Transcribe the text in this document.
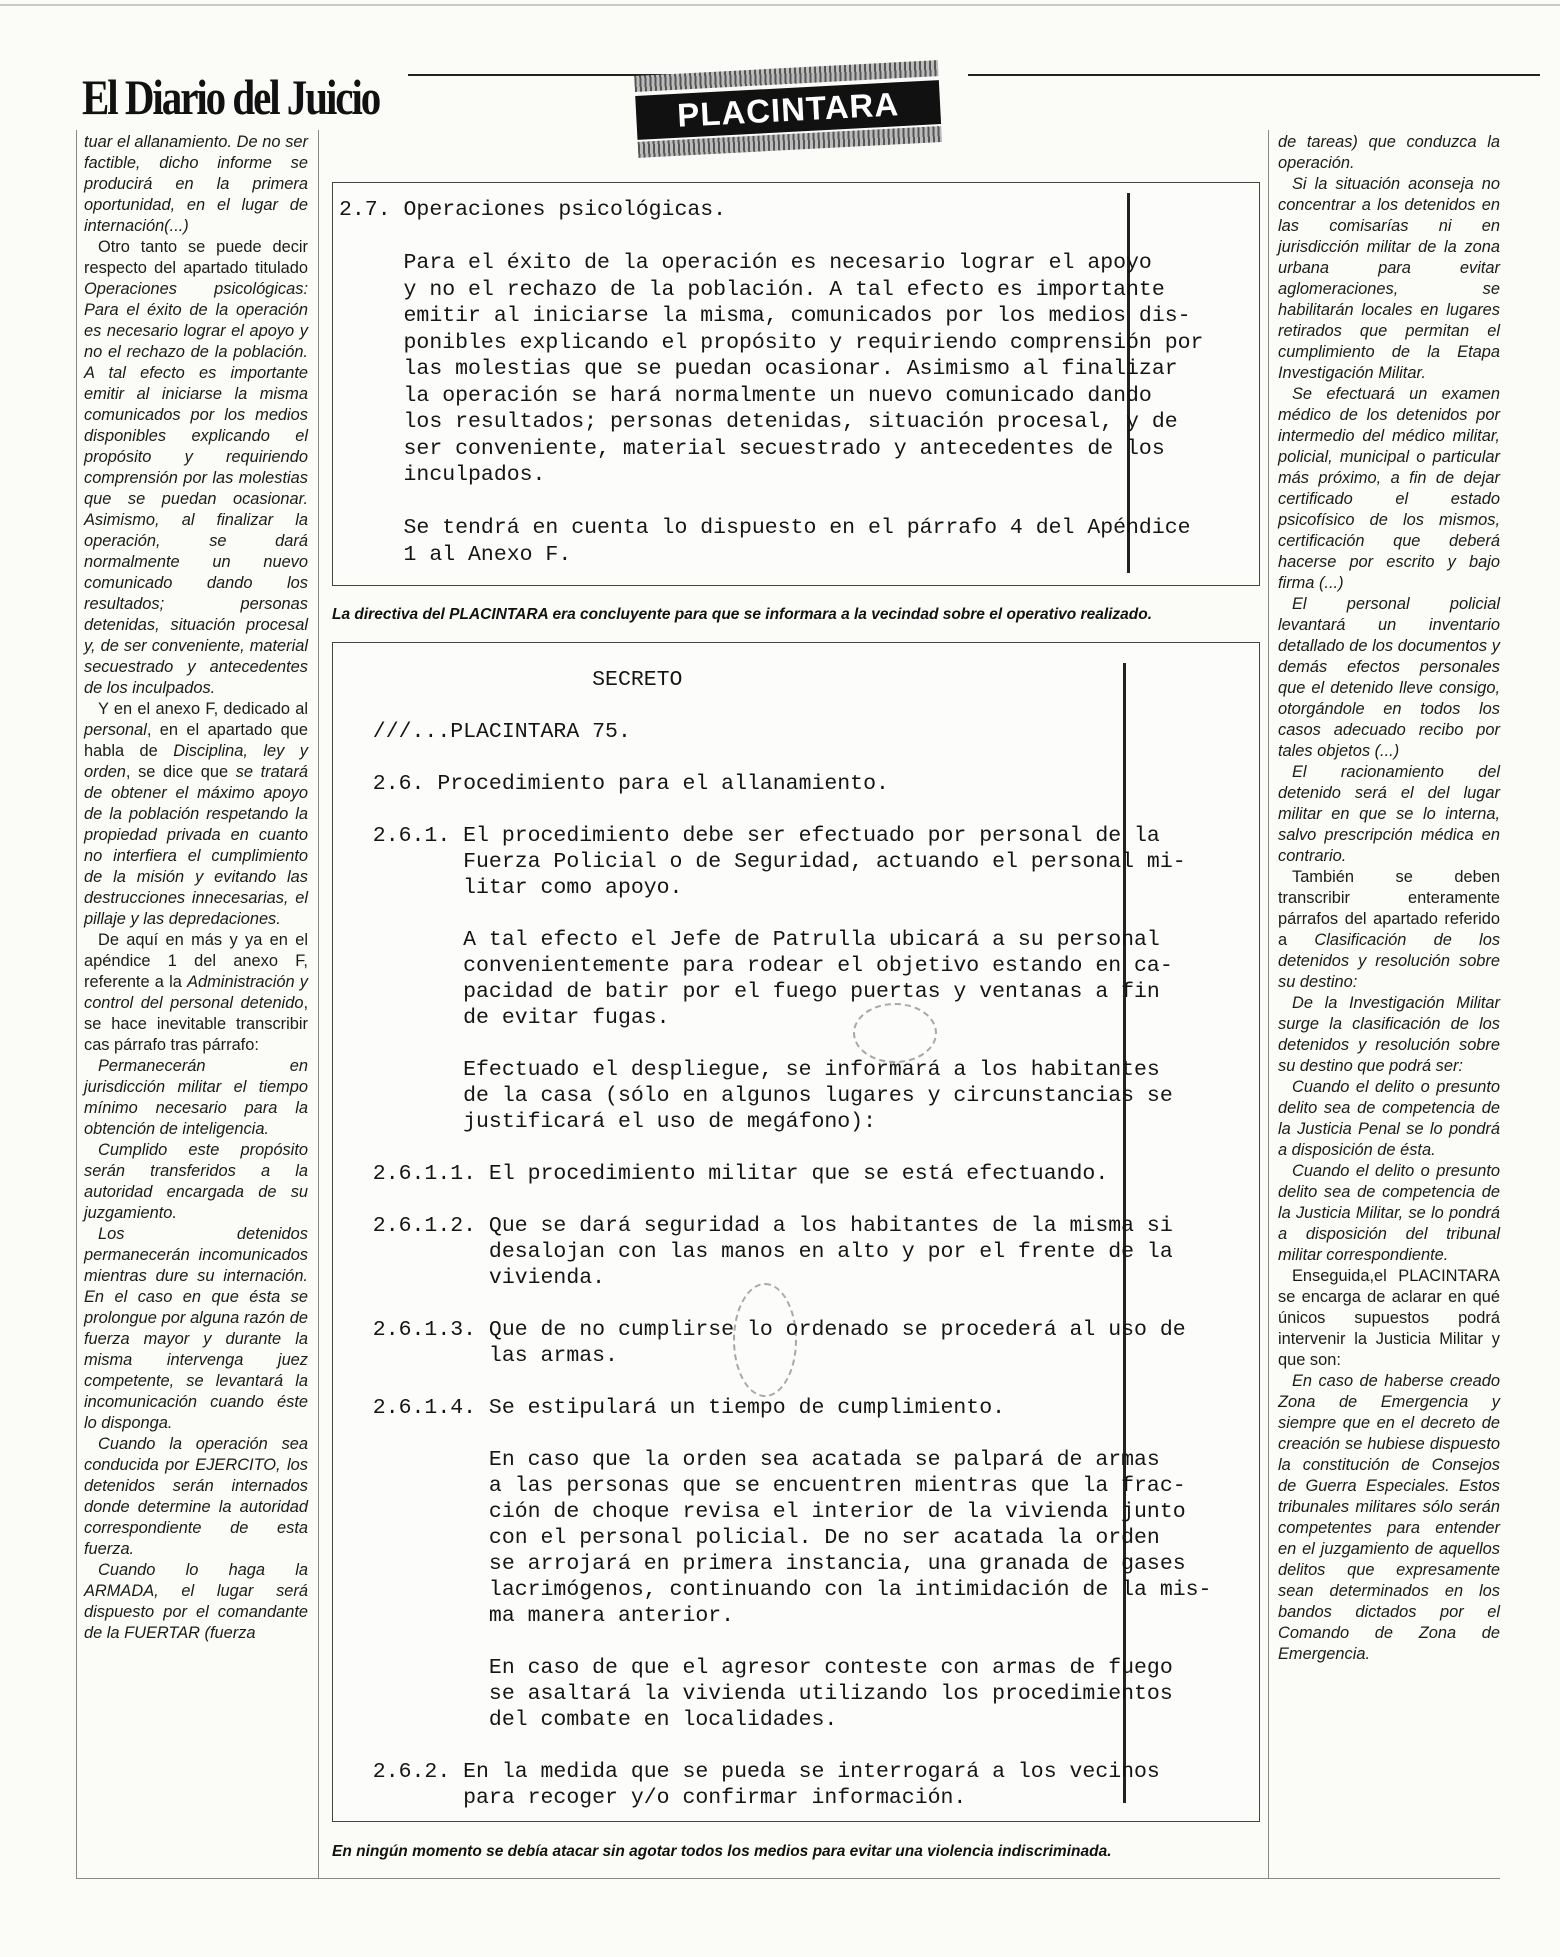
El Diario del Juicio	PLACINTARA

tuar el allanamiento. De no ser factible, dicho informe se producirá en la primera oportunidad, en el lugar de internación(...)

Otro tanto se puede decir respecto del apartado titulado Operaciones psicológicas: Para el éxito de la operación es necesario lograr el apoyo y no el rechazo de la población. A tal efecto es importante emitir al iniciarse la misma comunicados por los medios disponibles explicando el propósito y requiriendo comprensión por las molestias que se puedan ocasionar. Asimismo, al finalizar la operación, se dará normalmente un nuevo comunicado dando los resultados; personas detenidas, situación procesal y, de ser conveniente, material secuestrado y antecedentes de los inculpados.

Y en el anexo F, dedicado al personal, en el apartado que habla de Disciplina, ley y orden, se dice que se tratará de obtener el máximo apoyo de la población respetando la propiedad privada en cuanto no interfiera el cumplimiento de la misión y evitando las destrucciones innecesarias, el pillaje y las depredaciones.

De aquí en más y ya en el apéndice 1 del anexo F, referente a la Administración y control del personal detenido, se hace inevitable transcribir cas párrafo tras párrafo:

Permanecerán en jurisdicción militar el tiempo mínimo necesario para la obtención de inteligencia.

Cumplido este propósito serán transferidos a la autoridad encargada de su juzgamiento.

Los detenidos permanecerán incomunicados mientras dure su internación. En el caso en que ésta se prolongue por alguna razón de fuerza mayor y durante la misma intervenga juez competente, se levantará la incomunicación cuando éste lo disponga.

Cuando la operación sea conducida por EJERCITO, los detenidos serán internados donde determine la autoridad correspondiente de esta fuerza.

Cuando lo haga la ARMADA, el lugar será dispuesto por el comandante de la FUERTAR (fuerza

de tareas) que conduzca la operación.

Si la situación aconseja no concentrar a los detenidos en las comisarías ni en jurisdicción militar de la zona urbana para evitar aglomeraciones, se habilitarán locales en lugares retirados que permitan el cumplimiento de la Etapa Investigación Militar.

Se efectuará un examen médico de los detenidos por intermedio del médico militar, policial, municipal o particular más próximo, a fin de dejar certificado el estado psicofísico de los mismos, certificación que deberá hacerse por escrito y bajo firma (...)

El personal policial levantará un inventario detallado de los documentos y demás efectos personales que el detenido lleve consigo, otorgándole en todos los casos adecuado recibo por tales objetos (...)

El racionamiento del detenido será el del lugar militar en que se lo interna, salvo prescripción médica en contrario.

También se deben transcribir enteramente párrafos del apartado referido a Clasificación de los detenidos y resolución sobre su destino:

De la Investigación Militar surge la clasificación de los detenidos y resolución sobre su destino que podrá ser:

Cuando el delito o presunto delito sea de competencia de la Justicia Penal se lo pondrá a disposición de ésta.

Cuando el delito o presunto delito sea de competencia de la Justicia Militar, se lo pondrá a disposición del tribunal militar correspondiente.

Enseguida,el PLACINTARA se encarga de aclarar en qué únicos supuestos podrá intervenir la Justicia Militar y que son:

En caso de haberse creado Zona de Emergencia y siempre que en el decreto de creación se hubiese dispuesto la constitución de Consejos de Guerra Especiales. Estos tribunales militares sólo serán competentes para entender en el juzgamiento de aquellos delitos que expresamente sean determinados en los bandos dictados por el Comando de Zona de Emergencia.

2.7. Operaciones psicológicas.
Para el éxito de la operación es necesario lograr el apoyo
y no el rechazo de la población. A tal efecto es importante
emitir al iniciarse la misma, comunicados por los medios dis-
ponibles explicando el propósito y requiriendo comprensión por
las molestias que se puedan ocasionar. Asimismo al finalizar
la operación se hará normalmente un nuevo comunicado dando
los resultados; personas detenidas, situación procesal, y de
ser conveniente, material secuestrado y antecedentes de los
inculpados.
Se tendrá en cuenta lo dispuesto en el párrafo 4 del Apéndice
1 al Anexo F.
La directiva del PLACINTARA era concluyente para que se informara a la vecindad sobre el operativo realizado.
SECRETO
///...PLACINTARA 75.
2.6. Procedimiento para el allanamiento.
2.6.1. El procedimiento debe ser efectuado por personal de la
Fuerza Policial o de Seguridad, actuando el personal mi-
litar como apoyo.
A tal efecto el Jefe de Patrulla ubicará a su personal
convenientemente para rodear el objetivo estando en ca-
pacidad de batir por el fuego puertas y ventanas a fin
de evitar fugas.
Efectuado el despliegue, se informará a los habitantes
de la casa (sólo en algunos lugares y circunstancias se
justificará el uso de megáfono):
2.6.1.1. El procedimiento militar que se está efectuando.
2.6.1.2. Que se dará seguridad a los habitantes de la misma si
desalojan con las manos en alto y por el frente de la
vivienda.
2.6.1.3. Que de no cumplirse lo ordenado se procederá al uso de
las armas.
2.6.1.4. Se estipulará un tiempo de cumplimiento.
En caso que la orden sea acatada se palpará de armas
a las personas que se encuentren mientras que la frac-
ción de choque revisa el interior de la vivienda junto
con el personal policial. De no ser acatada la orden
se arrojará en primera instancia, una granada de gases
lacrimógenos, continuando con la intimidación de la mis-
ma manera anterior.
En caso de que el agresor conteste con armas de fuego
se asaltará la vivienda utilizando los procedimientos
del combate en localidades.
2.6.2. En la medida que se pueda se interrogará a los vecinos
para recoger y/o confirmar información.
En ningún momento se debía atacar sin agotar todos los medios para evitar una violencia indiscriminada.
